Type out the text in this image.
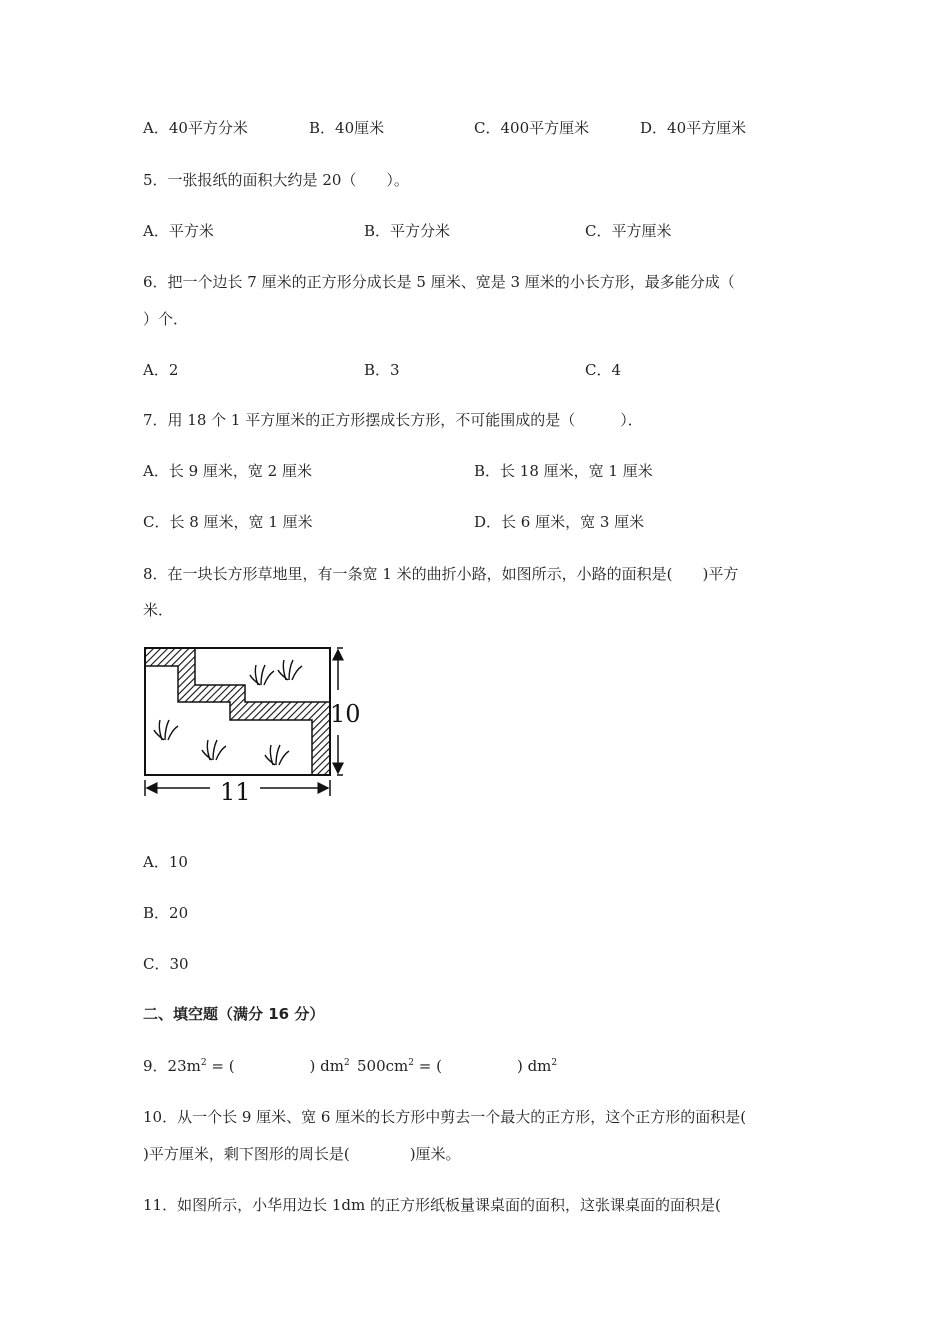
A．40平方分米	B．40厘米	C．400平方厘米	D．40平方厘米
5．一张报纸的面积大约是 20（　　）。
A．平方米	B．平方分米	C．平方厘米
6．把一个边长 7 厘米的正方形分成长是 5 厘米、宽是 3 厘米的小长方形，最多能分成（
）个．
A．2	B．3	C．4
7．用 18 个 1 平方厘米的正方形摆成长方形，不可能围成的是（　　　）．
A．长 9 厘米，宽 2 厘米	B．长 18 厘米，宽 1 厘米
C．长 8 厘米，宽 1 厘米	D．长 6 厘米，宽 3 厘米
8．在一块长方形草地里，有一条宽 1 米的曲折小路，如图所示，小路的面积是(　　)平方
米．
10
11
A．10
B．20
C．30
二、填空题（满分 16 分）
9．$23m^2$ = (　　　　　) $dm^2$ $500cm^2$ = (　　　　　) $dm^2$
10．从一个长 9 厘米、宽 6 厘米的长方形中剪去一个最大的正方形，这个正方形的面积是(
)平方厘米，剩下图形的周长是(　　　　)厘米。
11．如图所示，小华用边长 1dm 的正方形纸板量课桌面的面积，这张课桌面的面积是(
